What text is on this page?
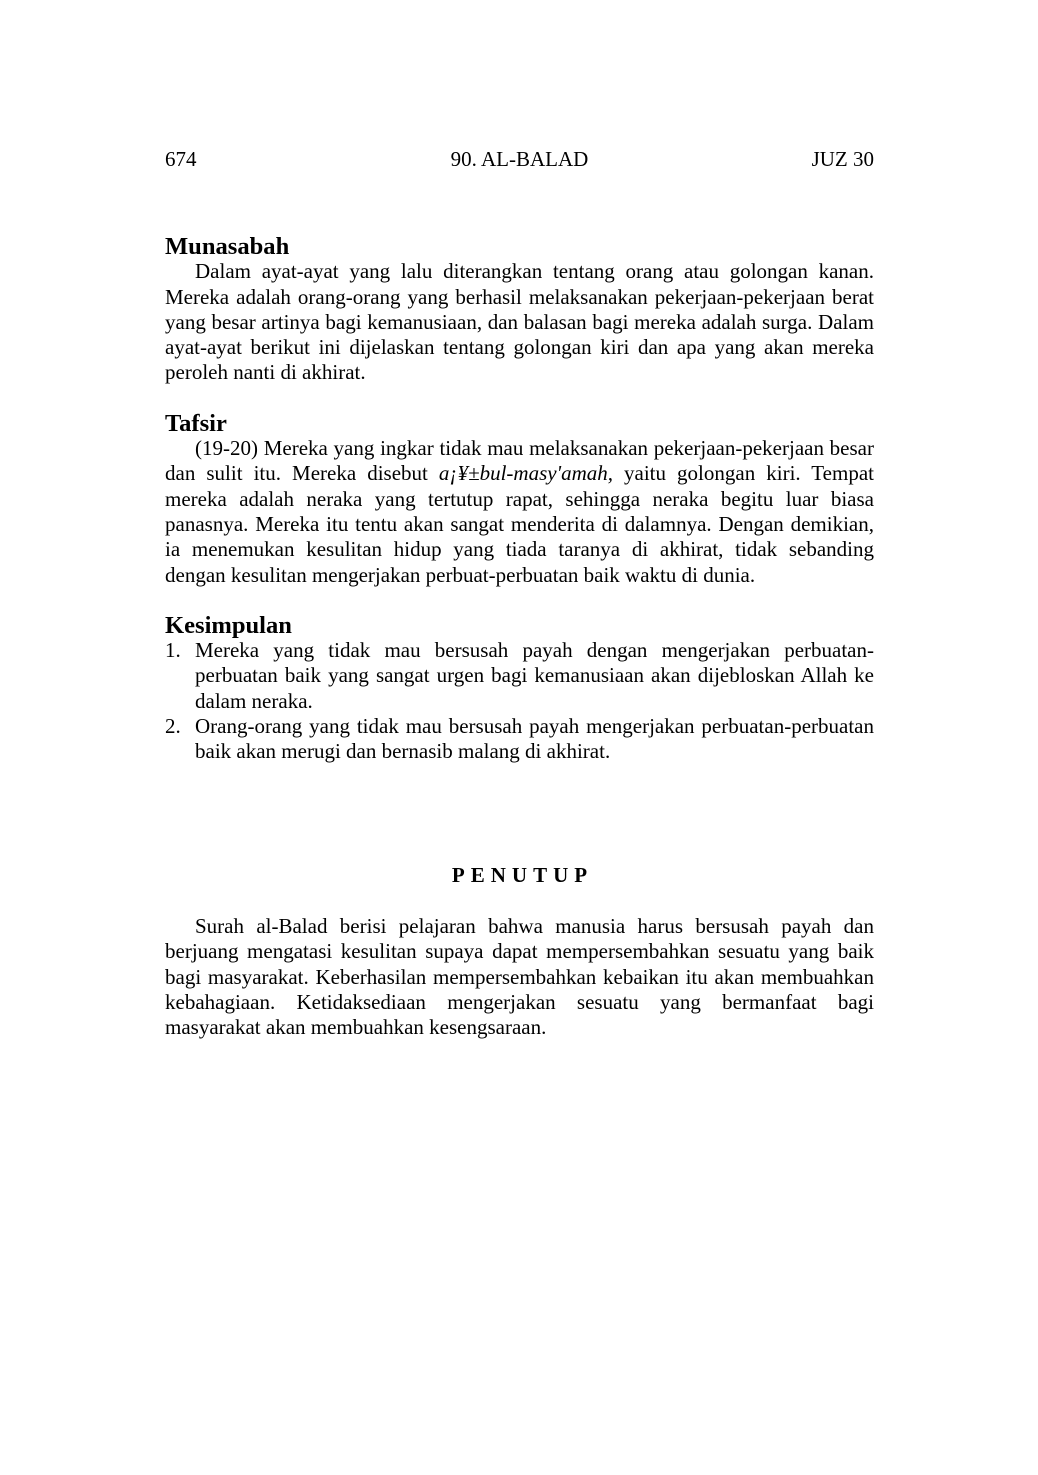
674	90. AL-BALAD	JUZ 30
Munasabah

Dalam ayat-ayat yang lalu diterangkan tentang orang atau golongan kanan. Mereka adalah orang-orang yang berhasil melaksanakan pekerjaan-pekerjaan berat yang besar artinya bagi kemanusiaan, dan balasan bagi mereka adalah surga. Dalam ayat-ayat berikut ini dijelaskan tentang golongan kiri dan apa yang akan mereka peroleh nanti di akhirat.

Tafsir

(19-20) Mereka yang ingkar tidak mau melaksanakan pekerjaan-pekerjaan besar dan sulit itu. Mereka disebut a¡¥±bul-masy'amah, yaitu golongan kiri. Tempat mereka adalah neraka yang tertutup rapat, sehingga neraka begitu luar biasa panasnya. Mereka itu tentu akan sangat menderita di dalamnya. Dengan demikian, ia menemukan kesulitan hidup yang tiada taranya di akhirat, tidak sebanding dengan kesulitan mengerjakan perbuat-perbuatan baik waktu di dunia.

Kesimpulan
1. Mereka yang tidak mau bersusah payah dengan mengerjakan perbuatan-perbuatan baik yang sangat urgen bagi kemanusiaan akan dijebloskan Allah ke dalam neraka.
2. Orang-orang yang tidak mau bersusah payah mengerjakan perbuatan-perbuatan baik akan merugi dan bernasib malang di akhirat.
PENUTUP

Surah al-Balad berisi pelajaran bahwa manusia harus bersusah payah dan berjuang mengatasi kesulitan supaya dapat mempersembahkan sesuatu yang baik bagi masyarakat. Keberhasilan mempersembahkan kebaikan itu akan membuahkan kebahagiaan. Ketidaksediaan mengerjakan sesuatu yang bermanfaat bagi masyarakat akan membuahkan kesengsaraan.
